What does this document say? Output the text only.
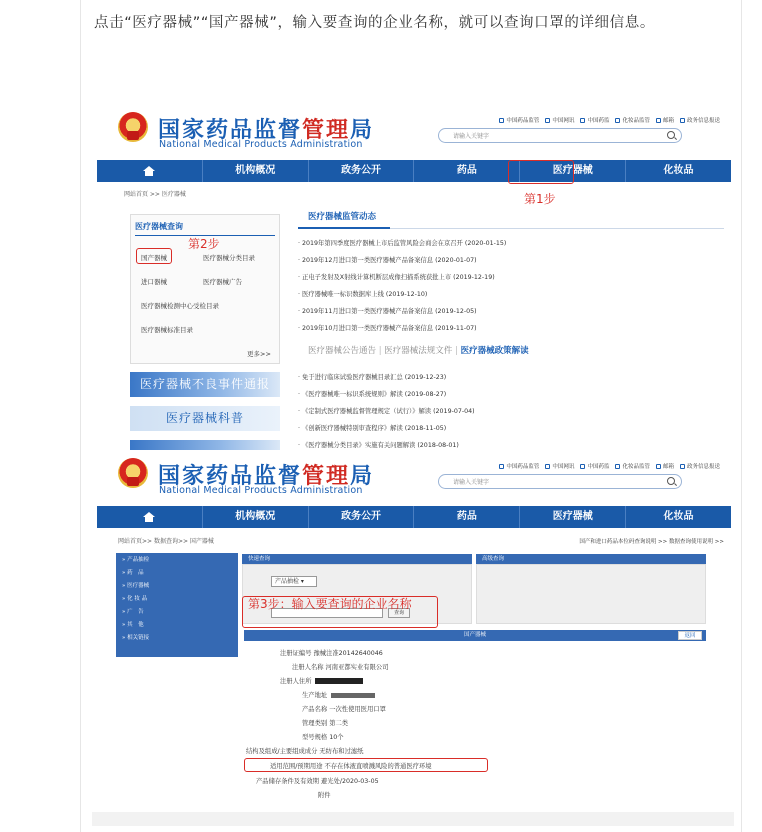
点击“医疗器械”“国产器械”，输入要查询的企业名称，就可以查询口罩的详细信息。
国家药品监督管理局
National Medical Products Administration
中国药品监管 中国网讯 中国药监 化妆品监管 邮箱 政务信息报送
请输入关键字
机构概况	政务公开	药品	医疗器械	化妆品
第1步
网站首页 >> 医疗器械
医疗器械查询
国产器械	医疗器械分类目录
进口器械	医疗器械广告
医疗器械检测中心受检目录
医疗器械标准目录
更多>>
第2步
医疗器械不良事件通报
医疗器械科普
医疗器械监管动态
· 2019年第四季度医疗器械上市后监管风险会商会在京召开 (2020-01-15)
· 2019年12月进口第一类医疗器械产品备案信息 (2020-01-07)
· 正电子发射及X射线计算机断层成像扫描系统获批上市 (2019-12-19)
· 医疗器械唯一标识数据库上线 (2019-12-10)
· 2019年11月进口第一类医疗器械产品备案信息 (2019-12-05)
· 2019年10月进口第一类医疗器械产品备案信息 (2019-11-07)
医疗器械公告通告 | 医疗器械法规文件 | 医疗器械政策解读
· 免于进行临床试验医疗器械目录汇总 (2019-12-23)
· 《医疗器械唯一标识系统规则》解读 (2019-08-27)
· 《定制式医疗器械监督管理规定（试行）》解读 (2019-07-04)
· 《创新医疗器械特别审查程序》解读 (2018-11-05)
· 《医疗器械分类目录》实施有关问题解读 (2018-08-01)
国家药品监督管理局
National Medical Products Administration
中国药品监管 中国网讯 中国药监 化妆品监管 邮箱 政务信息报送
请输入关键字
机构概况	政务公开	药品	医疗器械	化妆品
网站首页>> 数据查询>> 国产器械	国产和进口药品本位码查询说明 >> 数据查询使用说明 >>
» 产品抽检
» 药　品
» 医疗器械
» 化 妆 品
» 广　告
» 其　他
» 相关链接
快速查询	高级查询
产品抽检 ▾
查询
第3步：输入要查询的企业名称
国产器械	返回
注册证编号 豫械注准20142640046
注册人名称 河南亚都实业有限公司
注册人住所
生产地址
产品名称 一次性使用医用口罩
管理类别 第二类
型号规格 10个
结构及组成/主要组成成分 无纺布和过滤纸
适用范围/预期用途 不存在体液直喷溅风险的普通医疗环境
产品储存条件及有效期 避光处/2020-03-05
附件
